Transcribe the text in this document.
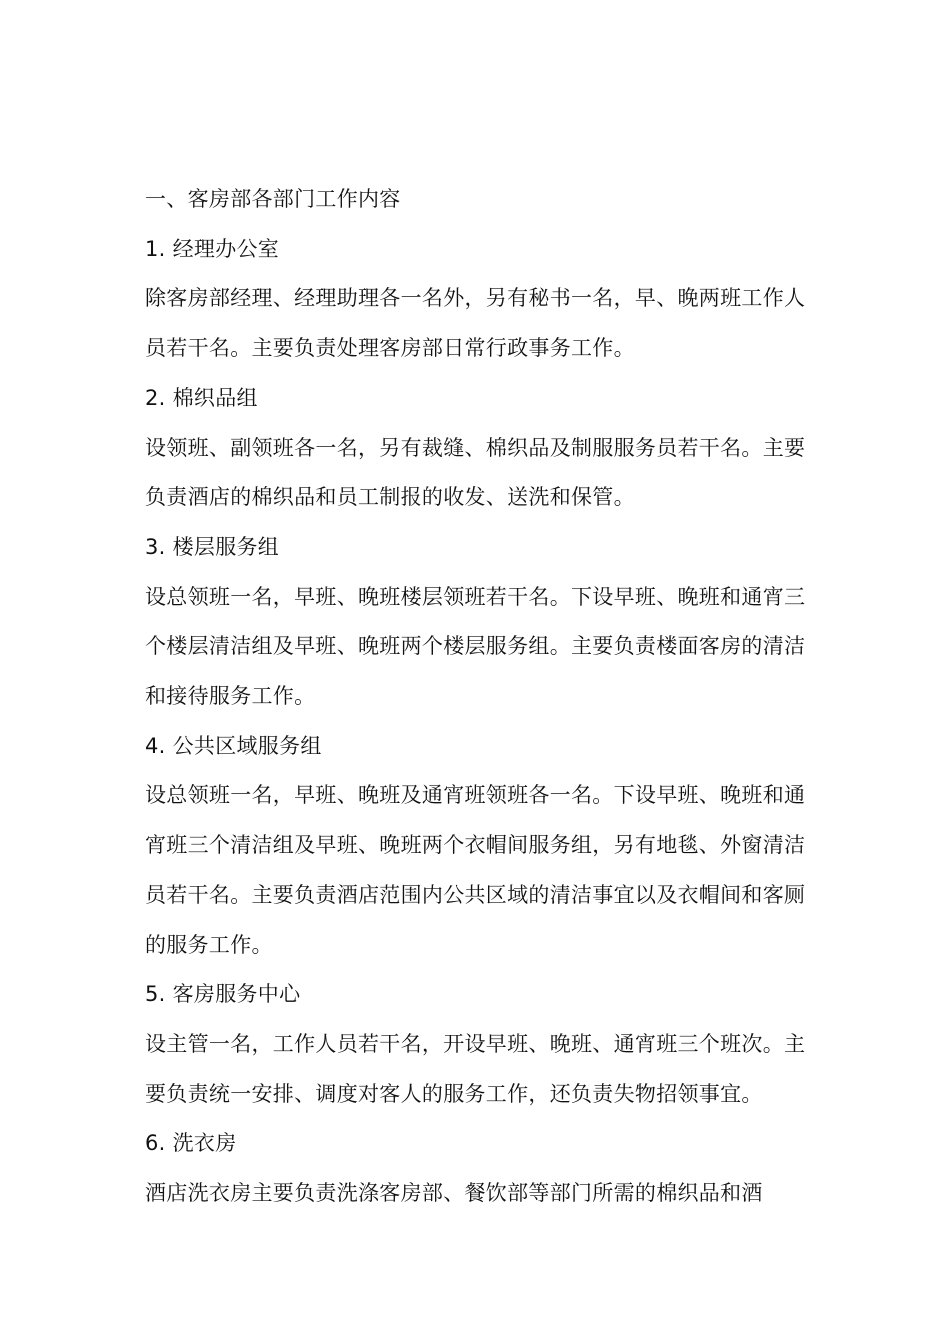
一、客房部各部门工作内容

1. 经理办公室

除客房部经理、经理助理各一名外，另有秘书一名，早、晚两班工作人员若干名。主要负责处理客房部日常行政事务工作。

2. 棉织品组

设领班、副领班各一名，另有裁缝、棉织品及制服服务员若干名。主要负责酒店的棉织品和员工制报的收发、送洗和保管。

3. 楼层服务组

设总领班一名，早班、晚班楼层领班若干名。下设早班、晚班和通宵三个楼层清洁组及早班、晚班两个楼层服务组。主要负责楼面客房的清洁和接待服务工作。

4. 公共区域服务组

设总领班一名，早班、晚班及通宵班领班各一名。下设早班、晚班和通宵班三个清洁组及早班、晚班两个衣帽间服务组，另有地毯、外窗清洁员若干名。主要负责酒店范围内公共区域的清洁事宜以及衣帽间和客厕的服务工作。

5. 客房服务中心

设主管一名，工作人员若干名，开设早班、晚班、通宵班三个班次。主要负责统一安排、调度对客人的服务工作，还负责失物招领事宜。

6. 洗衣房

酒店洗衣房主要负责洗涤客房部、餐饮部等部门所需的棉织品和酒
